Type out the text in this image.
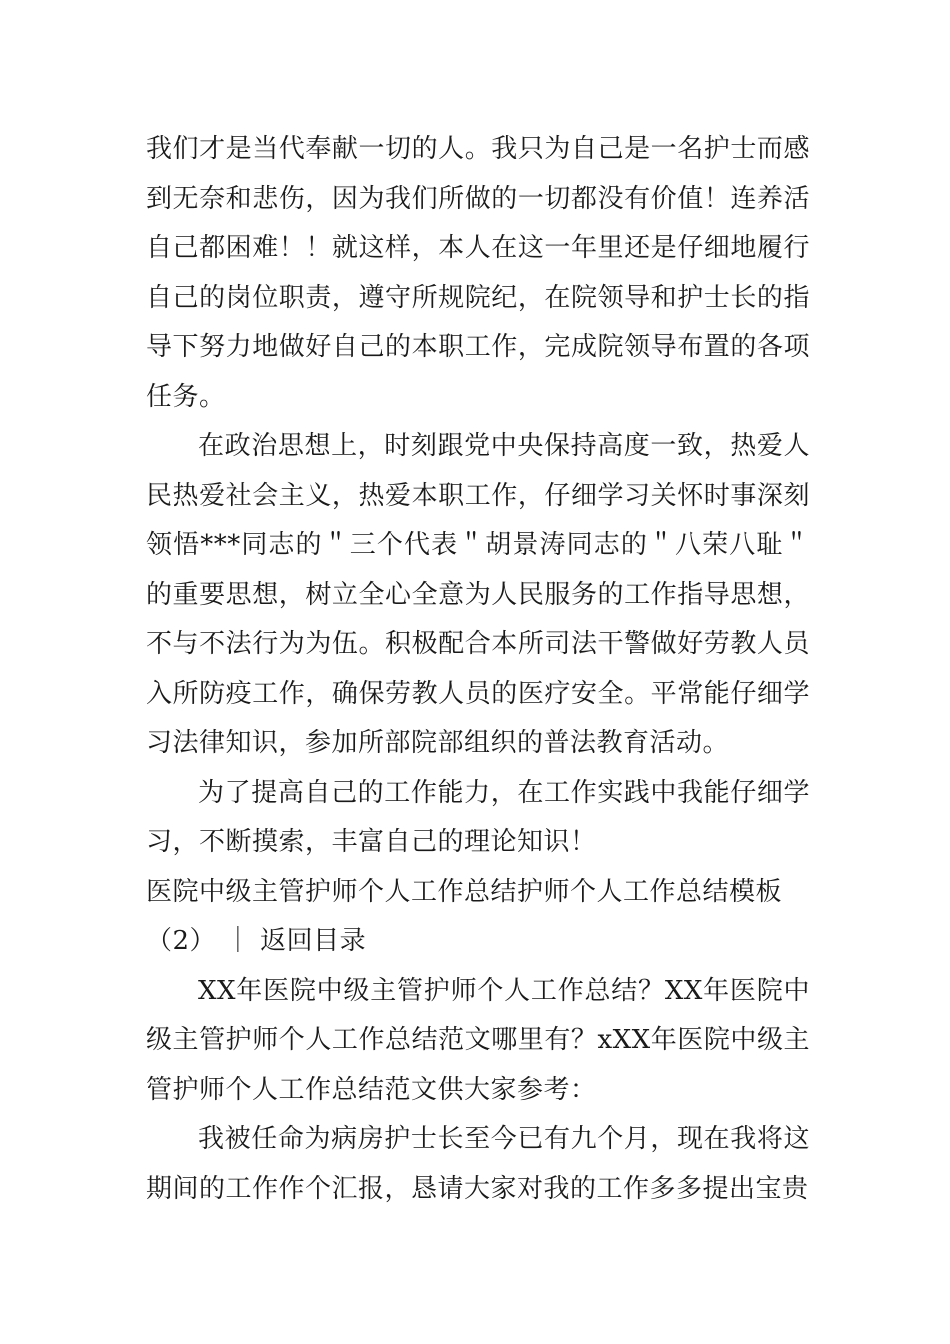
我们才是当代奉献一切的人。我只为自己是一名护士而感到无奈和悲伤，因为我们所做的一切都没有价值！连养活自己都困难！！就这样，本人在这一年里还是仔细地履行自己的岗位职责，遵守所规院纪，在院领导和护士长的指导下努力地做好自己的本职工作，完成院领导布置的各项任务。

在政治思想上，时刻跟党中央保持高度一致，热爱人民热爱社会主义，热爱本职工作，仔细学习关怀时事深刻领悟***同志的＂三个代表＂胡景涛同志的＂八荣八耻＂的重要思想，树立全心全意为人民服务的工作指导思想，不与不法行为为伍。积极配合本所司法干警做好劳教人员入所防疫工作，确保劳教人员的医疗安全。平常能仔细学习法律知识，参加所部院部组织的普法教育活动。

为了提高自己的工作能力，在工作实践中我能仔细学习，不断摸索，丰富自己的理论知识！

医院中级主管护师个人工作总结护师个人工作总结模板（2） ｜ 返回目录

XX年医院中级主管护师个人工作总结？XX年医院中级主管护师个人工作总结范文哪里有？xXX年医院中级主管护师个人工作总结范文供大家参考：

我被任命为病房护士长至今已有九个月，现在我将这期间的工作作个汇报，恳请大家对我的工作多多提出宝贵
